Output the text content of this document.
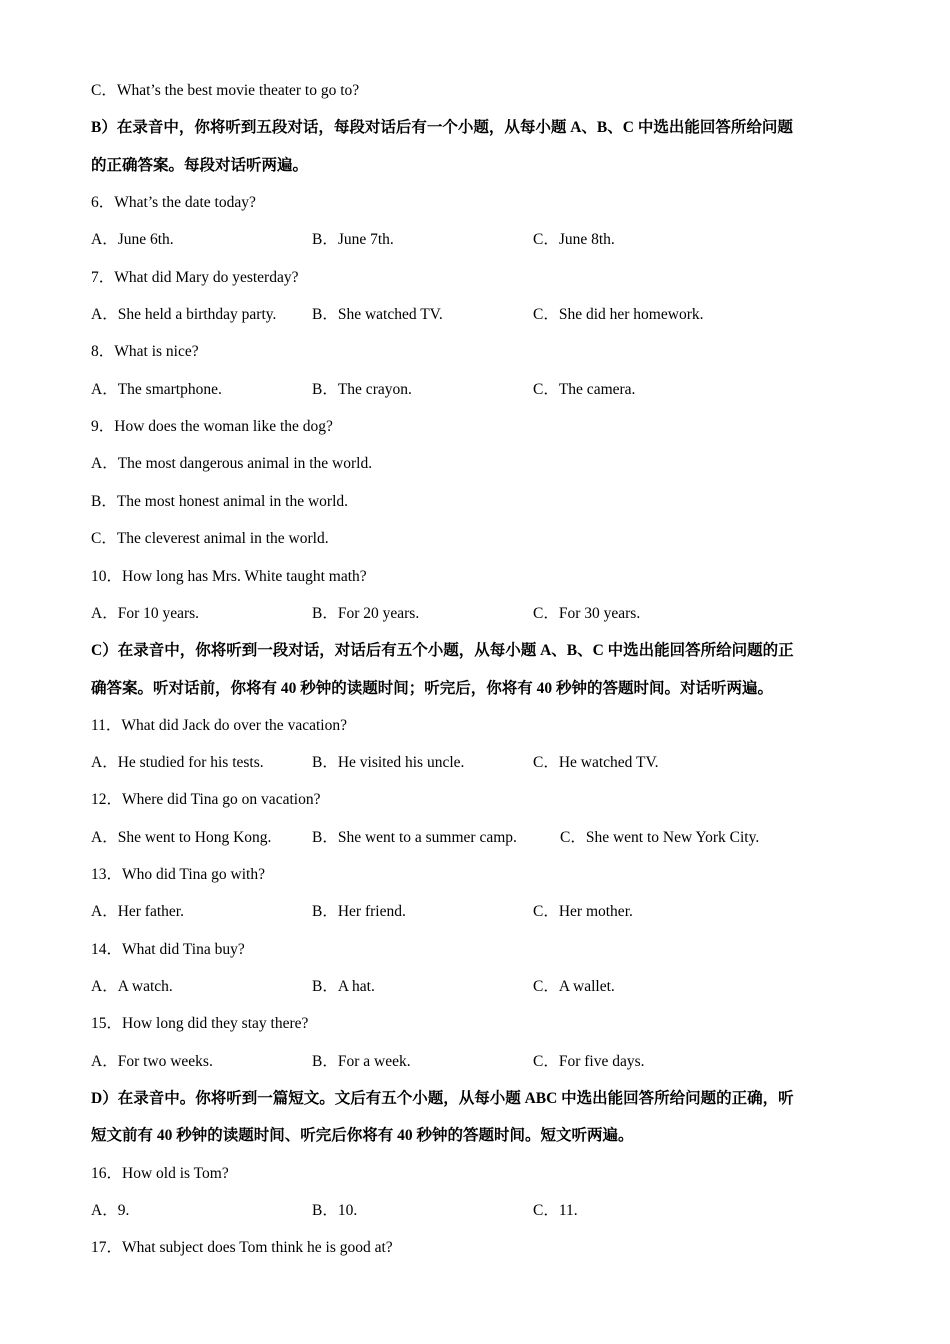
C．What’s the best movie theater to go to?
B）在录音中，你将听到五段对话，每段对话后有一个小题，从每小题 A、B、C 中选出能回答所给问题
的正确答案。每段对话听两遍。
6．What’s the date today?
A．June 6th.	B．June 7th.	C．June 8th.
7．What did Mary do yesterday?
A．She held a birthday party. B．She watched TV.	C．She did her homework.
8．What is nice?
A．The smartphone.	B．The crayon.	C．The camera.
9．How does the woman like the dog?
A．The most dangerous animal in the world.
B．The most honest animal in the world.
C．The cleverest animal in the world.
10．How long has Mrs. White taught math?
A．For 10 years.	B．For 20 years.	C．For 30 years.
C）在录音中，你将听到一段对话，对话后有五个小题，从每小题 A、B、C 中选出能回答所给问题的正
确答案。听对话前，你将有 40 秒钟的读题时间；听完后，你将有 40 秒钟的答题时间。对话听两遍。
11．What did Jack do over the vacation?
A．He studied for his tests.	B．He visited his uncle.	C．He watched TV.
12．Where did Tina go on vacation?
A．She went to Hong Kong.	B．She went to a summer camp.	C．She went to New York City.
13．Who did Tina go with?
A．Her father.	B．Her friend.	C．Her mother.
14．What did Tina buy?
A．A watch.	B．A hat.	C．A wallet.
15．How long did they stay there?
A．For two weeks.	B．For a week.	C．For five days.
D）在录音中。你将听到一篇短文。文后有五个小题，从每小题 ABC 中选出能回答所给问题的正确，听
短文前有 40 秒钟的读题时间、听完后你将有 40 秒钟的答题时间。短文听两遍。
16．How old is Tom?
A．9.	B．10.	C．11.
17．What subject does Tom think he is good at?
